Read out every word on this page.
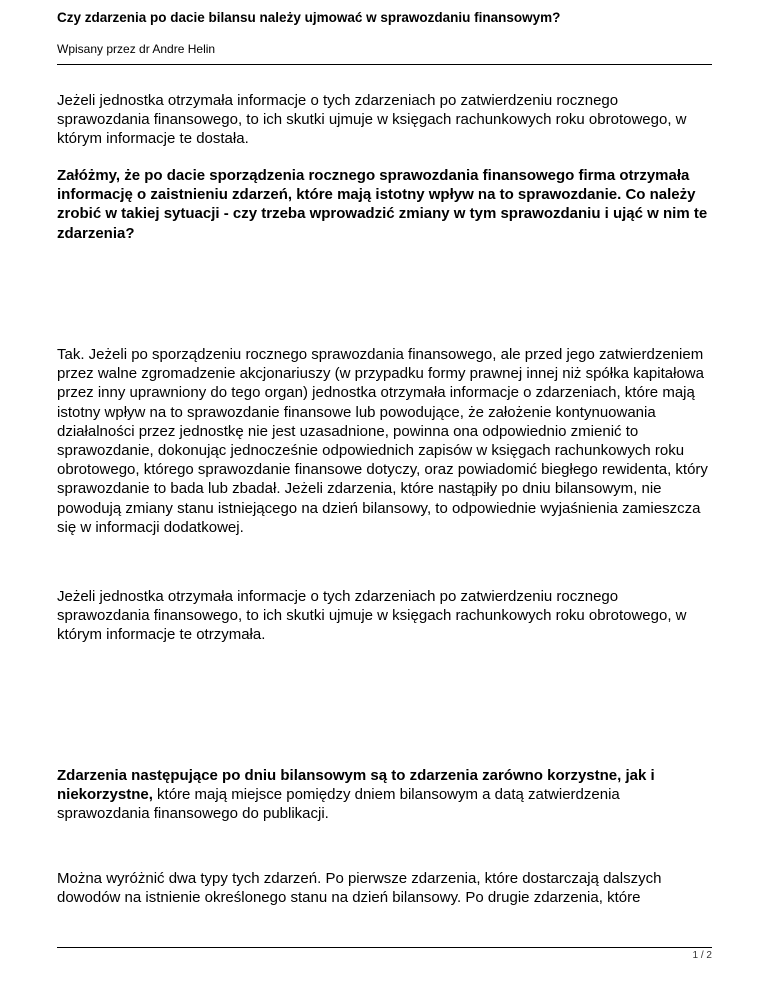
Czy zdarzenia po dacie bilansu należy ujmować w sprawozdaniu finansowym?
Wpisany przez dr Andre Helin

Jeżeli jednostka otrzymała informacje o tych zdarzeniach po zatwierdzeniu rocznego sprawozdania finansowego, to ich skutki ujmuje w księgach rachunkowych roku obrotowego, w którym informacje te dostała.

Załóżmy, że po dacie sporządzenia rocznego sprawozdania finansowego firma otrzymała informację o zaistnieniu zdarzeń, które mają istotny wpływ na to sprawozdanie. Co należy zrobić w takiej sytuacji - czy trzeba wprowadzić zmiany w tym sprawozdaniu i ująć w nim te zdarzenia?

Tak. Jeżeli po sporządzeniu rocznego sprawozdania finansowego, ale przed jego zatwierdzeniem przez walne zgromadzenie akcjonariuszy (w przypadku formy prawnej innej niż spółka kapitałowa przez inny uprawniony do tego organ) jednostka otrzymała informacje o zdarzeniach, które mają istotny wpływ na to sprawozdanie finansowe lub powodujące, że założenie kontynuowania działalności przez jednostkę nie jest uzasadnione, powinna ona odpowiednio zmienić to sprawozdanie, dokonując jednocześnie odpowiednich zapisów w księgach rachunkowych roku obrotowego, którego sprawozdanie finansowe dotyczy, oraz powiadomić biegłego rewidenta, który sprawozdanie to bada lub zbadał. Jeżeli zdarzenia, które nastąpiły po dniu bilansowym, nie powodują zmiany stanu istniejącego na dzień bilansowy, to odpowiednie wyjaśnienia zamieszcza się w informacji dodatkowej.

Jeżeli jednostka otrzymała informacje o tych zdarzeniach po zatwierdzeniu rocznego sprawozdania finansowego, to ich skutki ujmuje w księgach rachunkowych roku obrotowego, w którym informacje te otrzymała.

Zdarzenia następujące po dniu bilansowym są to zdarzenia zarówno korzystne, jak i niekorzystne, które mają miejsce pomiędzy dniem bilansowym a datą zatwierdzenia sprawozdania finansowego do publikacji.

Można wyróżnić dwa typy tych zdarzeń. Po pierwsze zdarzenia, które dostarczają dalszych dowodów na istnienie określonego stanu na dzień bilansowy. Po drugie zdarzenia, które

1 / 2
